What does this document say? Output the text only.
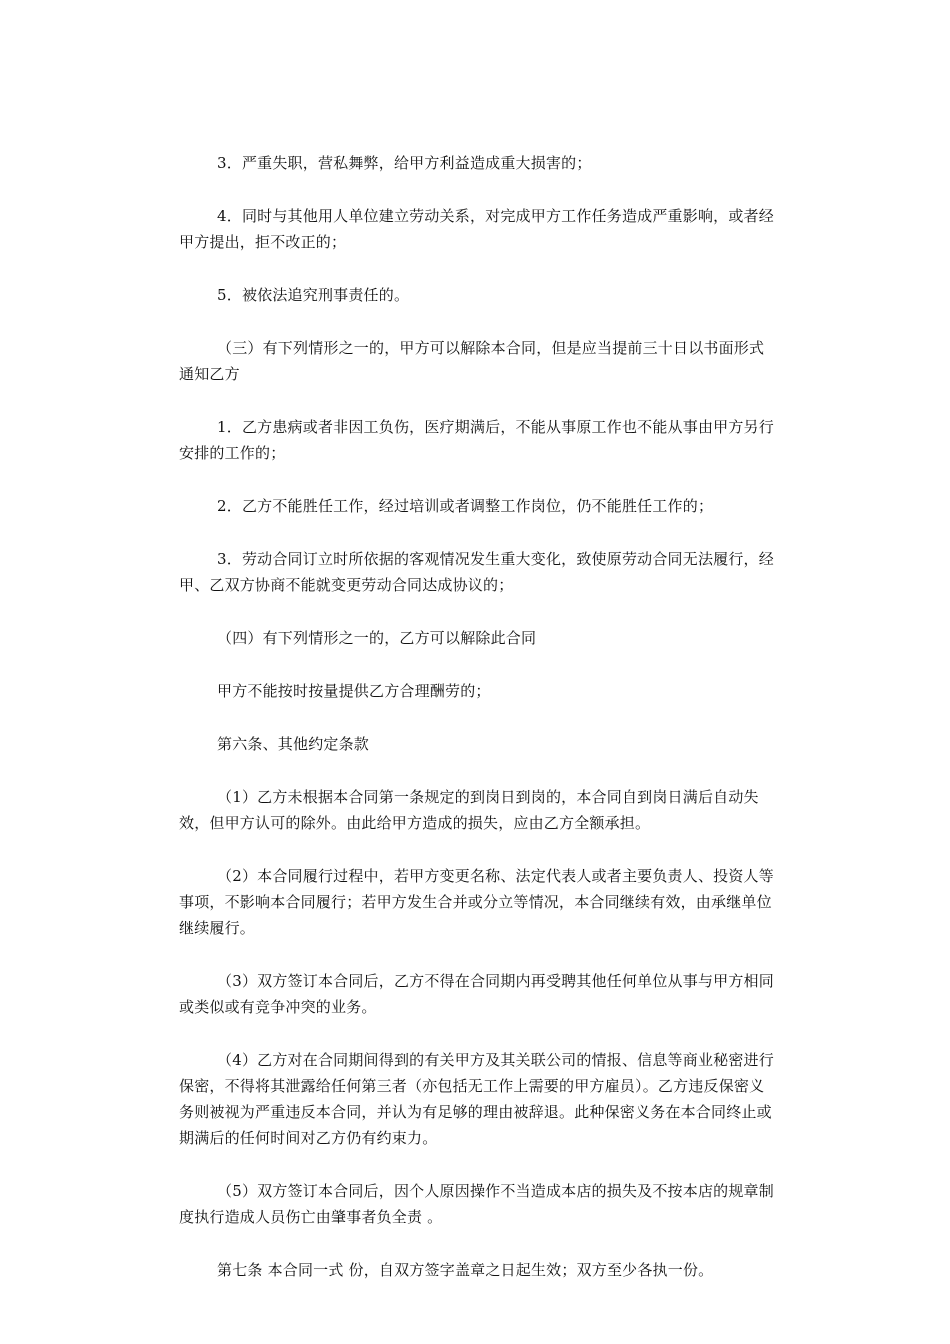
3．严重失职，营私舞弊，给甲方利益造成重大损害的；

4．同时与其他用人单位建立劳动关系，对完成甲方工作任务造成严重影响，或者经甲方提出，拒不改正的；

5．被依法追究刑事责任的。

（三）有下列情形之一的，甲方可以解除本合同，但是应当提前三十日以书面形式通知乙方

1．乙方患病或者非因工负伤，医疗期满后，不能从事原工作也不能从事由甲方另行安排的工作的；

2．乙方不能胜任工作，经过培训或者调整工作岗位，仍不能胜任工作的；

3．劳动合同订立时所依据的客观情况发生重大变化，致使原劳动合同无法履行，经甲、乙双方协商不能就变更劳动合同达成协议的；

（四）有下列情形之一的，乙方可以解除此合同

甲方不能按时按量提供乙方合理酬劳的；

第六条、其他约定条款

（1）乙方未根据本合同第一条规定的到岗日到岗的，本合同自到岗日满后自动失效，但甲方认可的除外。由此给甲方造成的损失，应由乙方全额承担。

（2）本合同履行过程中，若甲方变更名称、法定代表人或者主要负责人、投资人等事项，不影响本合同履行；若甲方发生合并或分立等情况，本合同继续有效，由承继单位继续履行。

（3）双方签订本合同后，乙方不得在合同期内再受聘其他任何单位从事与甲方相同或类似或有竞争冲突的业务。

（4）乙方对在合同期间得到的有关甲方及其关联公司的情报、信息等商业秘密进行保密，不得将其泄露给任何第三者（亦包括无工作上需要的甲方雇员）。乙方违反保密义务则被视为严重违反本合同，并认为有足够的理由被辞退。此种保密义务在本合同终止或期满后的任何时间对乙方仍有约束力。

（5）双方签订本合同后，因个人原因操作不当造成本店的损失及不按本店的规章制度执行造成人员伤亡由肇事者负全责 。

第七条 本合同一式 份，自双方签字盖章之日起生效；双方至少各执一份。
